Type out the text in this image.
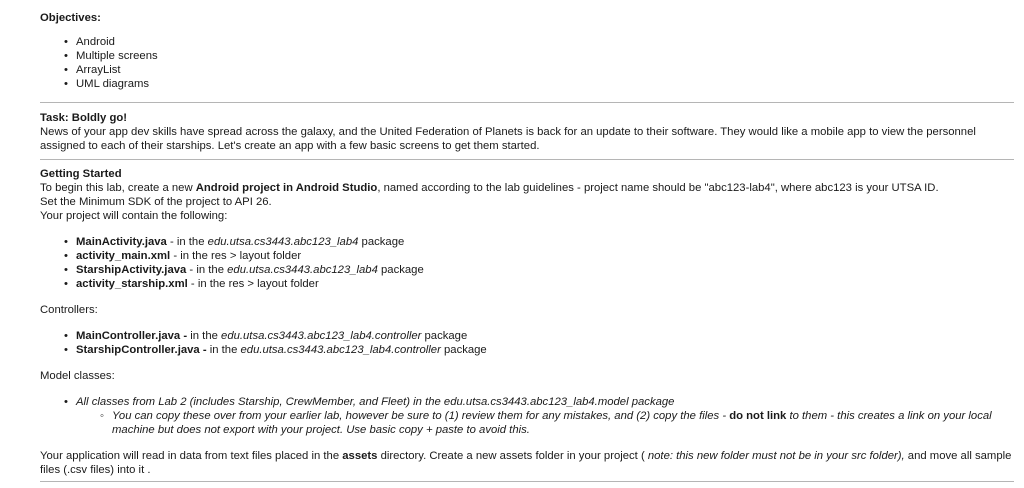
Objectives:
• Android
• Multiple screens
• ArrayList
• UML diagrams
Task: Boldly go!

News of your app dev skills have spread across the galaxy, and the United Federation of Planets is back for an update to their software. They would like a mobile app to view the personnel assigned to each of their starships. Let's create an app with a few basic screens to get them started.

Getting Started

To begin this lab, create a new Android project in Android Studio, named according to the lab guidelines - project name should be "abc123-lab4", where abc123 is your UTSA ID.

Set the Minimum SDK of the project to API 26.

Your project will contain the following:

• MainActivity.java - in the edu.utsa.cs3443.abc123_lab4 package
• activity_main.xml - in the res > layout folder
• StarshipActivity.java - in the edu.utsa.cs3443.abc123_lab4 package
• activity_starship.xml - in the res > layout folder

Controllers:

• MainController.java - in the edu.utsa.cs3443.abc123_lab4.controller package
• StarshipController.java - in the edu.utsa.cs3443.abc123_lab4.controller package

Model classes:

• All classes from Lab 2 (includes Starship, CrewMember, and Fleet) in the edu.utsa.cs3443.abc123_lab4.model package
◦ You can copy these over from your earlier lab, however be sure to (1) review them for any mistakes, and (2) copy the files - do not link to them - this creates a link on your local machine but does not export with your project. Use basic copy + paste to avoid this.

Your application will read in data from text files placed in the assets directory. Create a new assets folder in your project ( note: this new folder must not be in your src folder), and move all sample files (.csv files) into it .
